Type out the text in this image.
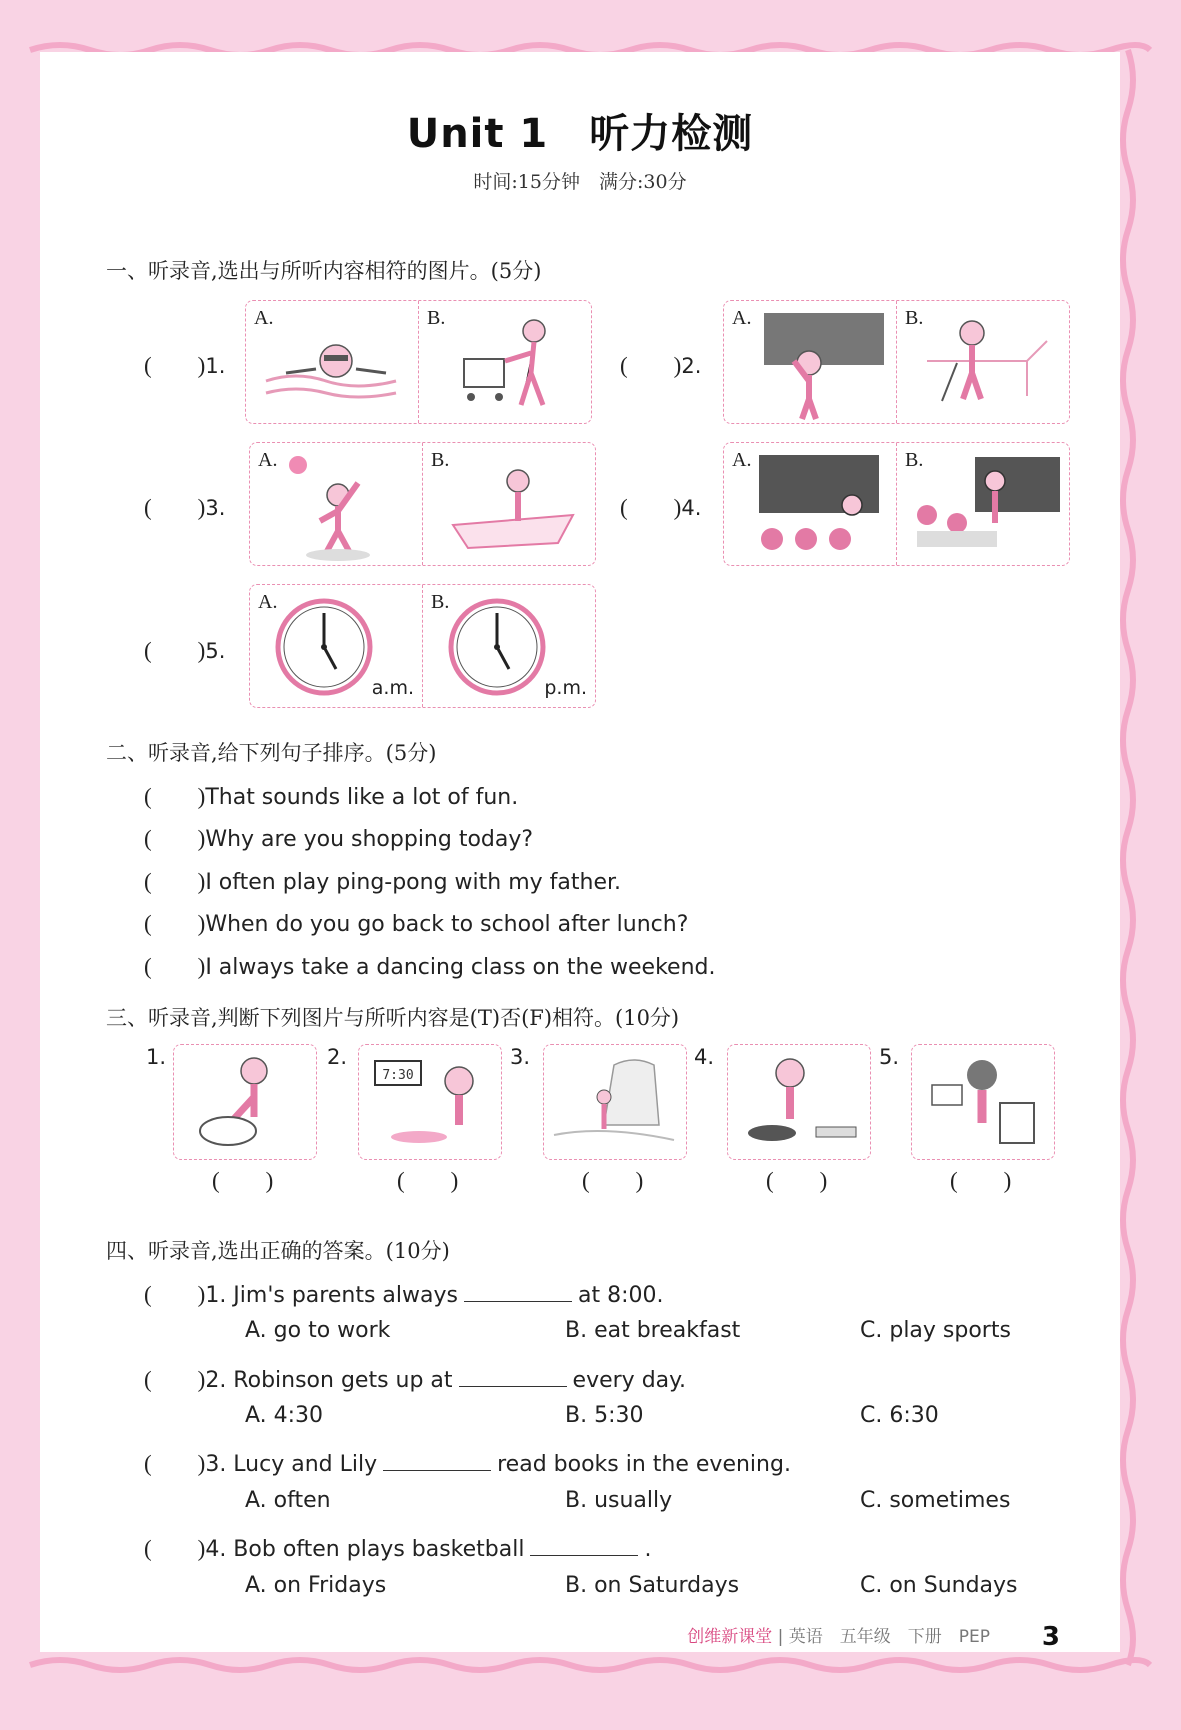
Unit 1　听力检测
时间:15分钟　满分:30分
一、听录音,选出与所听内容相符的图片。(5分)
(　　)1.
A.	B.
(　　)2.
A.	B.
(　　)3.
A.	B.
(　　)4.
A.	B.
(　　)5.
A.
a.m.
B.
p.m.
二、听录音,给下列句子排序。(5分)
(　　)That sounds like a lot of fun.
(　　)Why are you shopping today?
(　　)I often play ping-pong with my father.
(　　)When do you go back to school after lunch?
(　　)I always take a dancing class on the weekend.
三、听录音,判断下列图片与所听内容是(T)否(F)相符。(10分)
1.
(　　)
2.
7:30
(　　)
3.
(　　)
4.
(　　)
5.
(　　)
四、听录音,选出正确的答案。(10分)
(　　)1. Jim's parents always	at 8:00.
A. go to work	B. eat breakfast	C. play sports
(　　)2. Robinson gets up at	every day.
A. 4:30	B. 5:30	C. 6:30
(　　)3. Lucy and Lily	read books in the evening.
A. often	B. usually	C. sometimes
(　　)4. Bob often plays basketball	.
A. on Fridays	B. on Saturdays	C. on Sundays
创维新课堂 | 英语　五年级　下册　PEP 3
